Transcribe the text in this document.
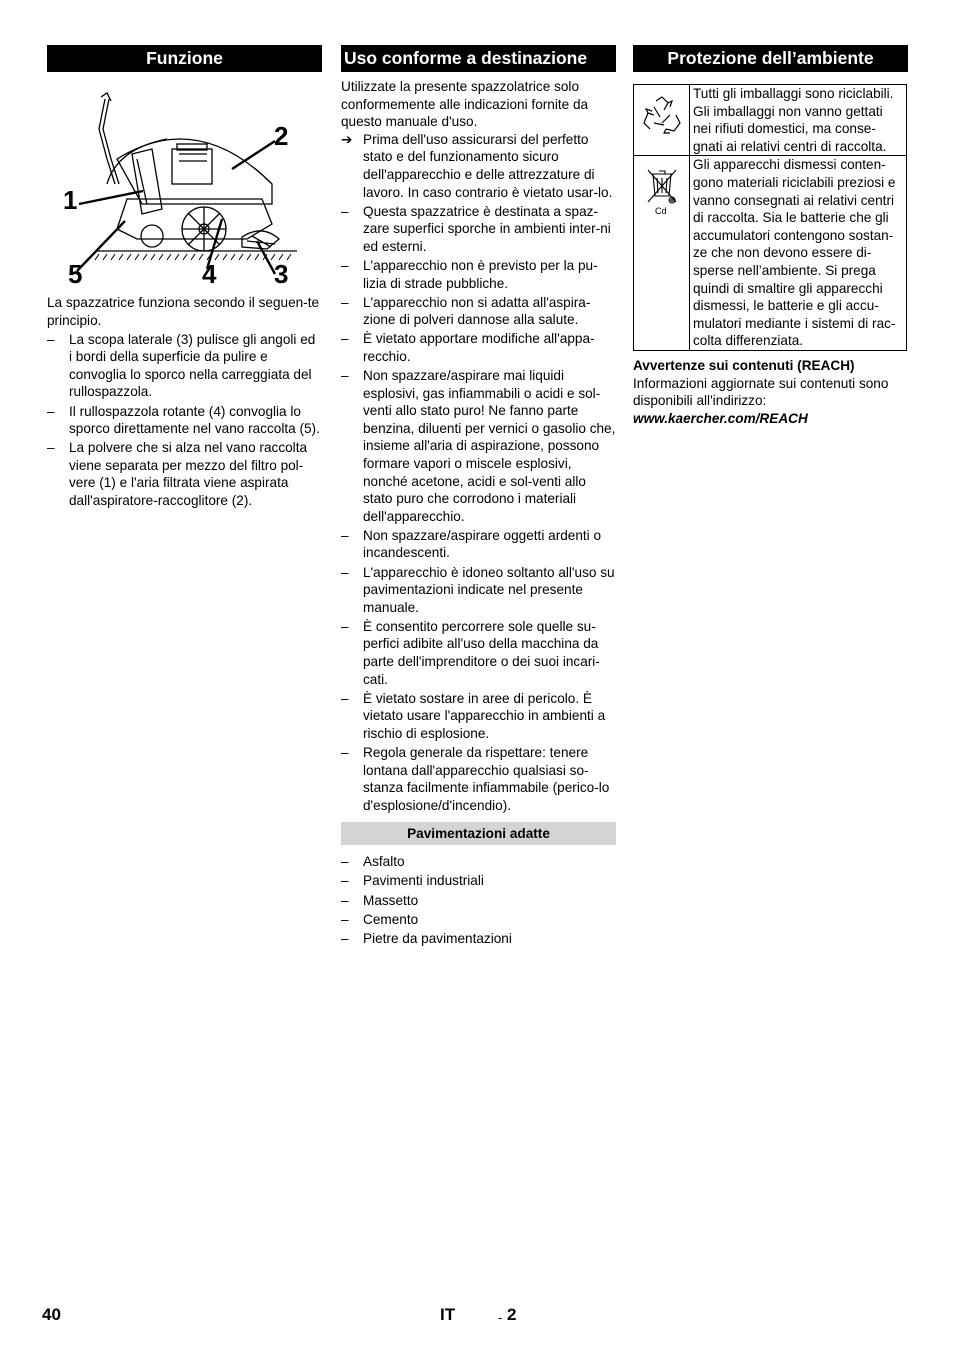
Funzione
1
2
3
4
5

La spazzatrice funziona secondo il seguen-te principio.

– La scopa laterale (3) pulisce gli angoli ed i bordi della superficie da pulire e convoglia lo sporco nella carreggiata del rullospazzola.
– Il rullospazzola rotante (4) convoglia lo sporco direttamente nel vano raccolta (5).
– La polvere che si alza nel vano raccolta viene separata per mezzo del filtro pol-vere (1) e l'aria filtrata viene aspirata dall'aspiratore-raccoglitore (2).
Uso conforme a destinazione

Utilizzate la presente spazzolatrice solo conformemente alle indicazioni fornite da questo manuale d'uso.

➔ Prima dell'uso assicurarsi del perfetto stato e del funzionamento sicuro dell'apparecchio e delle attrezzature di lavoro. In caso contrario è vietato usar-lo.
– Questa spazzatrice è destinata a spaz-zare superfici sporche in ambienti inter-ni ed esterni.
– L'apparecchio non è previsto per la pu-lizia di strade pubbliche.
– L'apparecchio non si adatta all'aspira-zione di polveri dannose alla salute.
– È vietato apportare modifiche all'appa-recchio.
– Non spazzare/aspirare mai liquidi esplosivi, gas infiammabili o acidi e sol-venti allo stato puro! Ne fanno parte benzina, diluenti per vernici o gasolio che, insieme all'aria di aspirazione, possono formare vapori o miscele esplosivi, nonché acetone, acidi e sol-venti allo stato puro che corrodono i materiali dell'apparecchio.
– Non spazzare/aspirare oggetti ardenti o incandescenti.
– L'apparecchio è idoneo soltanto all'uso su pavimentazioni indicate nel presente manuale.
– È consentito percorrere sole quelle su-perfici adibite all'uso della macchina da parte dell'imprenditore o dei suoi incari-cati.
– È vietato sostare in aree di pericolo. È vietato usare l'apparecchio in ambienti a rischio di esplosione.
– Regola generale da rispettare: tenere lontana dall'apparecchio qualsiasi so-stanza facilmente infiammabile (perico-lo d'esplosione/d'incendio).
Pavimentazioni adatte
– Asfalto
– Pavimenti industriali
– Massetto
– Cemento
– Pietre da pavimentazioni
Protezione dell’ambiente
	Tutti gli imballaggi sono riciclabili. Gli imballaggi non vanno gettati nei rifiuti domestici, ma conse-gnati ai relativi centri di raccolta.

Cd	Gli apparecchi dismessi conten-gono materiali riciclabili preziosi e vanno consegnati ai relativi centri di raccolta. Sia le batterie che gli accumulatori contengono sostan-ze che non devono essere di-sperse nell’ambiente. Si prega quindi di smaltire gli apparecchi dismessi, le batterie e gli accu-mulatori mediante i sistemi di rac-colta differenziata.

Avvertenze sui contenuti (REACH)

Informazioni aggiornate sui contenuti sono disponibili all'indirizzo:

www.kaercher.com/REACH

40	IT	- 2
